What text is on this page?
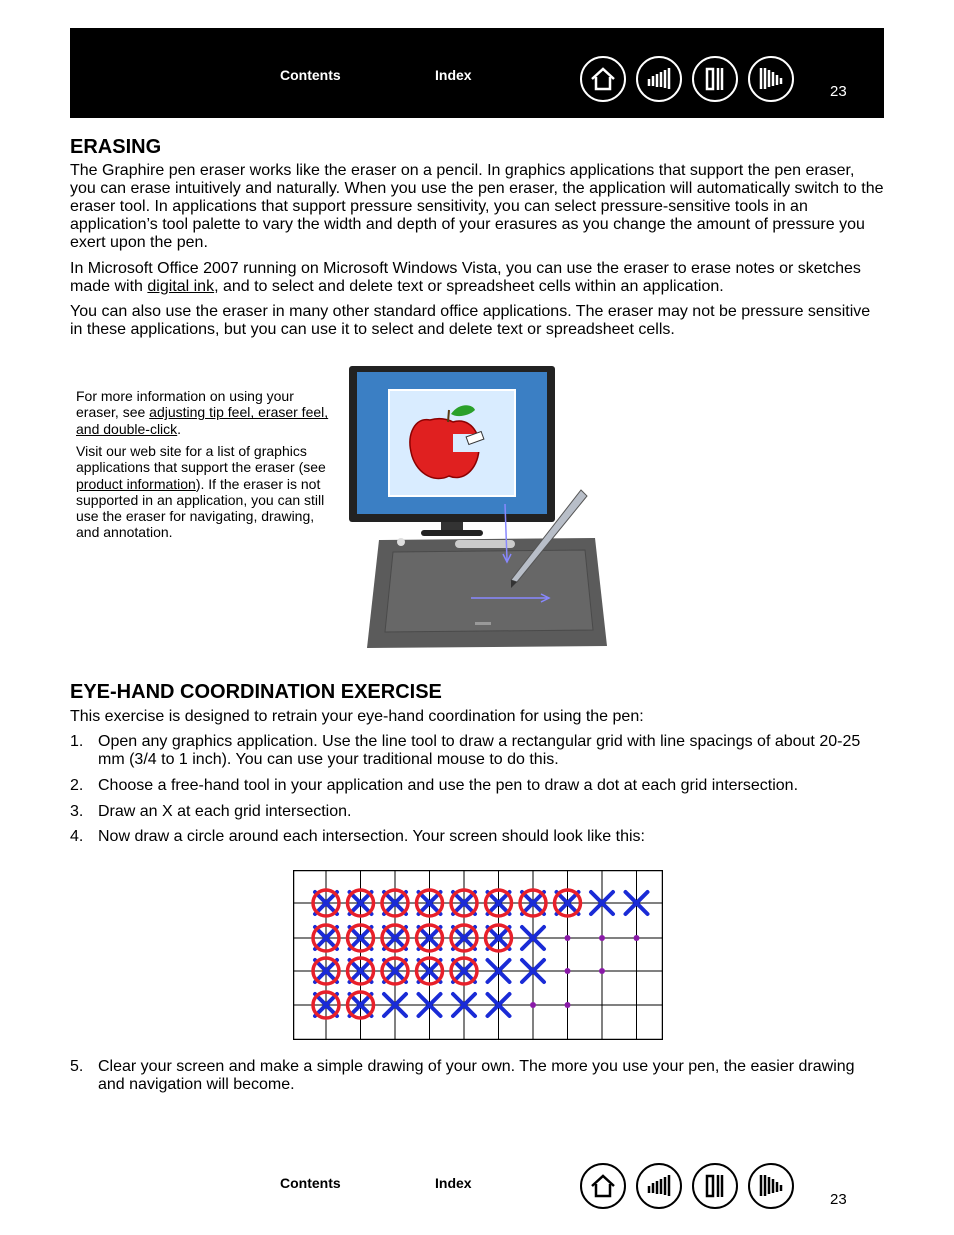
Contents	Index
23
ERASING

The Graphire pen eraser works like the eraser on a pencil. In graphics applications that support the pen eraser, you can erase intuitively and naturally. When you use the pen eraser, the application will automatically switch to the eraser tool. In applications that support pressure sensitivity, you can select pressure-sensitive tools in an application’s tool palette to vary the width and depth of your erasures as you change the amount of pressure you exert upon the pen.

In Microsoft Office 2007 running on Microsoft Windows Vista, you can use the eraser to erase notes or sketches made with digital ink, and to select and delete text or spreadsheet cells within an application.

You can also use the eraser in many other standard office applications. The eraser may not be pressure sensitive in these applications, but you can use it to select and delete text or spreadsheet cells.

For more information on using your eraser, see adjusting tip feel, eraser feel, and double-click.

Visit our web site for a list of graphics applications that support the eraser (see product information). If the eraser is not supported in an application, you can still use the eraser for navigating, drawing, and annotation.

EYE-HAND COORDINATION EXERCISE

This exercise is designed to retrain your eye-hand coordination for using the pen:

1. Open any graphics application. Use the line tool to draw a rectangular grid with line spacings of about 20-25 mm (3/4 to 1 inch). You can use your traditional mouse to do this.
2. Choose a free-hand tool in your application and use the pen to draw a dot at each grid intersection.
3. Draw an X at each grid intersection.
4. Now draw a circle around each intersection. Your screen should look like this:
5. Clear your screen and make a simple drawing of your own. The more you use your pen, the easier drawing and navigation will become.
Contents	Index
23
